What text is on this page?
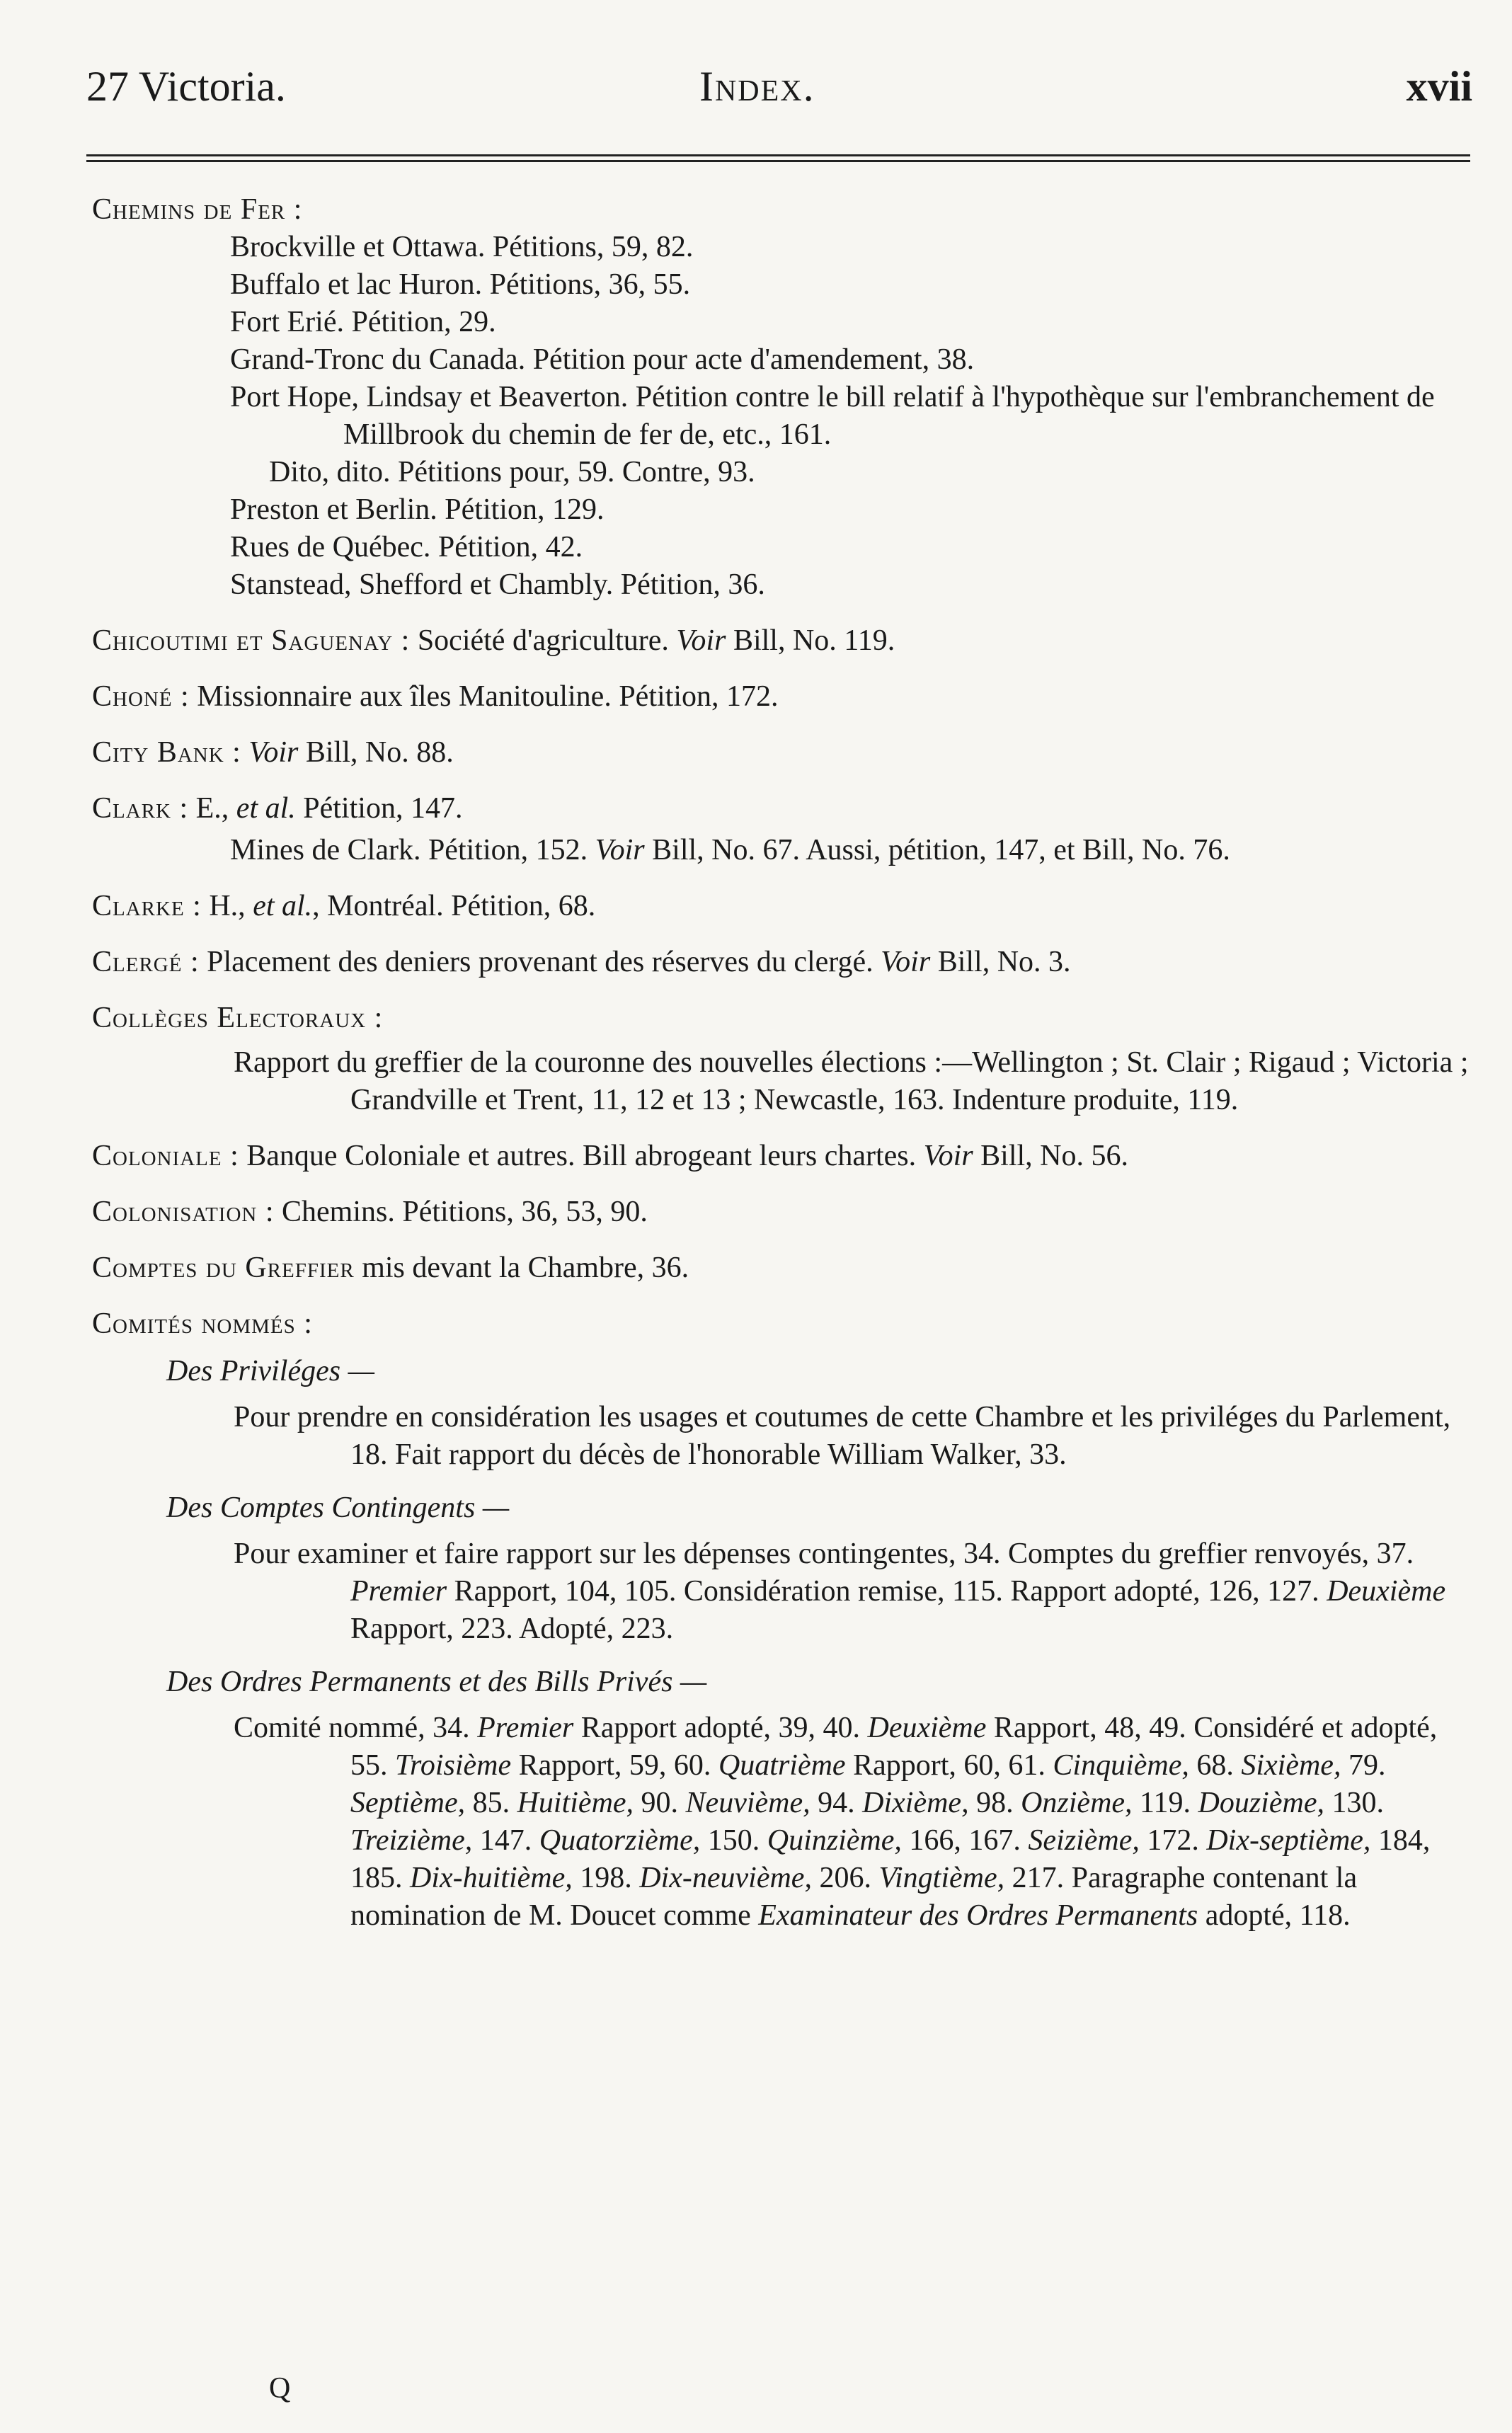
27 Victoria.	Index.	xvii
Chemins de Fer :
Brockville et Ottawa. Pétitions, 59, 82.
Buffalo et lac Huron. Pétitions, 36, 55.
Fort Erié. Pétition, 29.
Grand-Tronc du Canada. Pétition pour acte d'amendement, 38.
Port Hope, Lindsay et Beaverton. Pétition contre le bill relatif à l'hypothèque sur l'embranchement de Millbrook du chemin de fer de, etc., 161.
Dito, dito. Pétitions pour, 59. Contre, 93.
Preston et Berlin. Pétition, 129.
Rues de Québec. Pétition, 42.
Stanstead, Shefford et Chambly. Pétition, 36.
Chicoutimi et Saguenay : Société d'agriculture. Voir Bill, No. 119.
Choné : Missionnaire aux îles Manitouline. Pétition, 172.
City Bank : Voir Bill, No. 88.
Clark : E., et al. Pétition, 147.
Mines de Clark. Pétition, 152. Voir Bill, No. 67. Aussi, pétition, 147, et Bill, No. 76.
Clarke : H., et al., Montréal. Pétition, 68.
Clergé : Placement des deniers provenant des réserves du clergé. Voir Bill, No. 3.
Collèges Electoraux :
Rapport du greffier de la couronne des nouvelles élections :—Wellington ; St. Clair ; Rigaud ; Victoria ; Grandville et Trent, 11, 12 et 13 ; Newcastle, 163. Indenture produite, 119.
Coloniale : Banque Coloniale et autres. Bill abrogeant leurs chartes. Voir Bill, No. 56.
Colonisation : Chemins. Pétitions, 36, 53, 90.
Comptes du Greffier mis devant la Chambre, 36.
Comités nommés :
Des Priviléges —
Pour prendre en considération les usages et coutumes de cette Chambre et les priviléges du Parlement, 18. Fait rapport du décès de l'honorable William Walker, 33.
Des Comptes Contingents —
Pour examiner et faire rapport sur les dépenses contingentes, 34. Comptes du greffier renvoyés, 37. Premier Rapport, 104, 105. Considération remise, 115. Rapport adopté, 126, 127. Deuxième Rapport, 223. Adopté, 223.
Des Ordres Permanents et des Bills Privés —
Comité nommé, 34. Premier Rapport adopté, 39, 40. Deuxième Rapport, 48, 49. Considéré et adopté, 55. Troisième Rapport, 59, 60. Quatrième Rapport, 60, 61. Cinquième, 68. Sixième, 79. Septième, 85. Huitième, 90. Neuvième, 94. Dixième, 98. Onzième, 119. Douzième, 130. Treizième, 147. Quatorzième, 150. Quinzième, 166, 167. Seizième, 172. Dix-septième, 184, 185. Dix-huitième, 198. Dix-neuvième, 206. Vingtième, 217. Paragraphe contenant la nomination de M. Doucet comme Examinateur des Ordres Permanents adopté, 118.
Q
